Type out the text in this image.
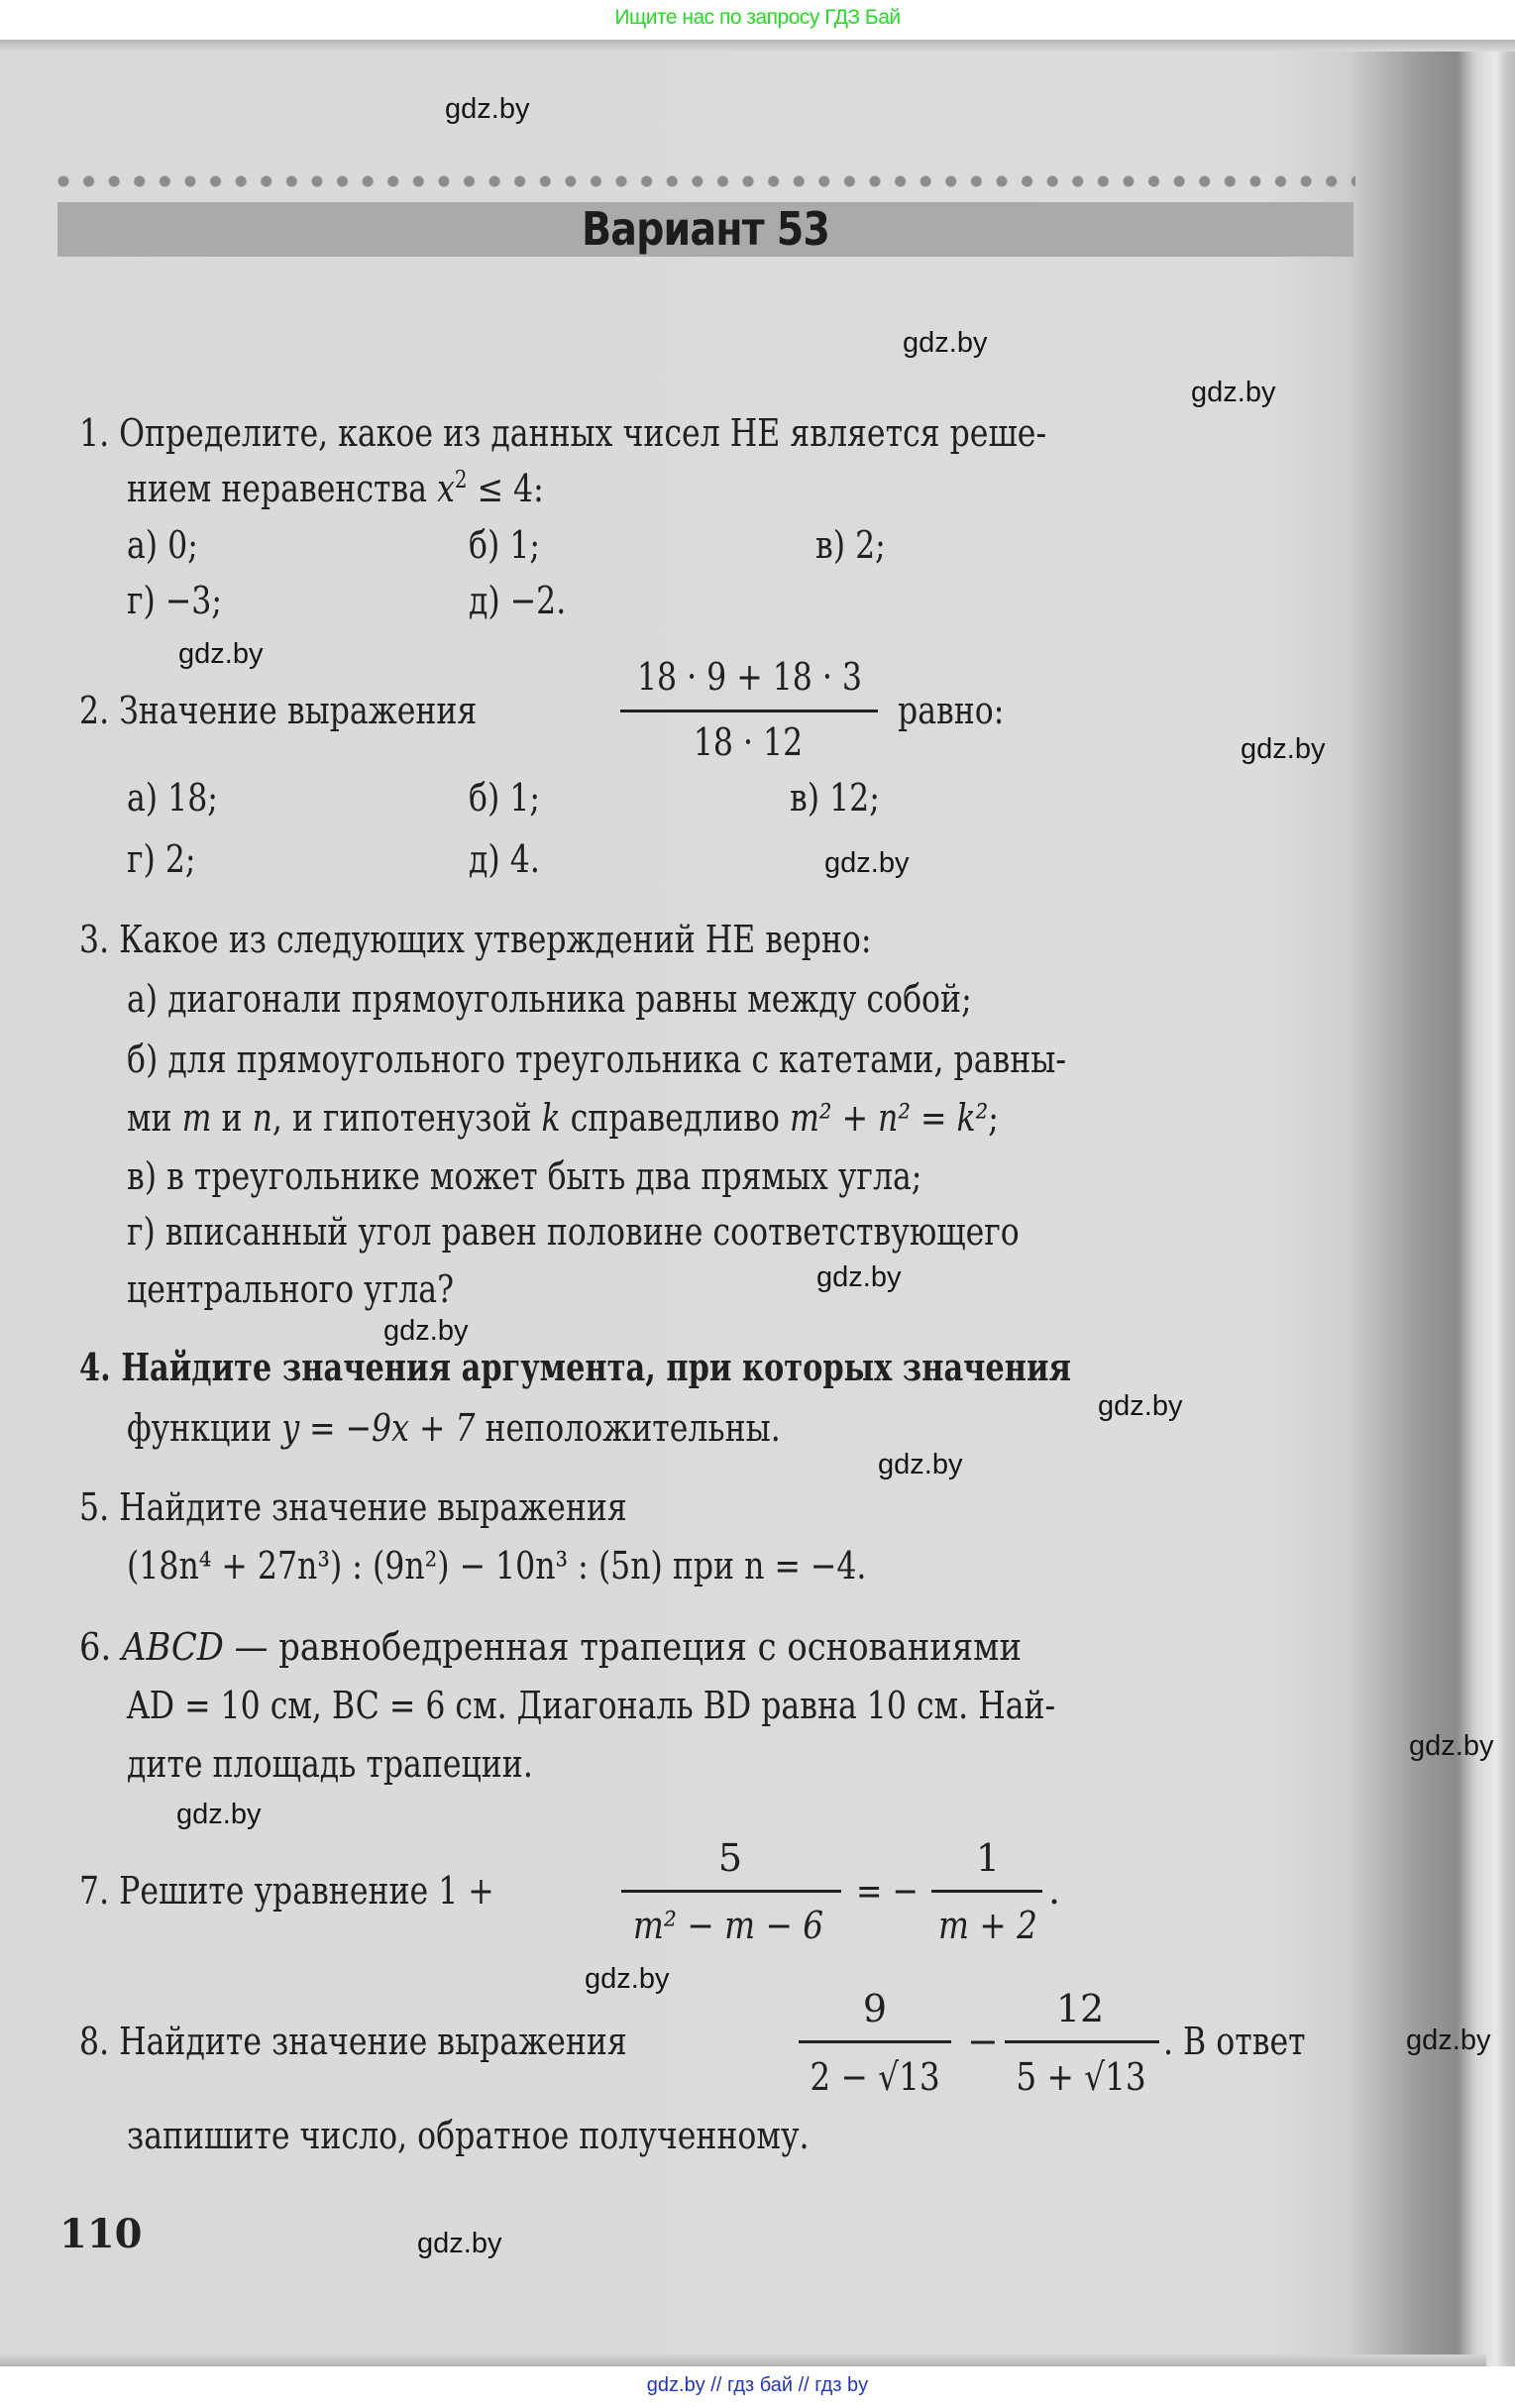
Ищите нас по запросу ГДЗ Бай
Вариант 53
1. Определите, какое из данных чисел НЕ является реше-
нием неравенства $x^2 \le 4$:
а) 0;	б) 1;	в) 2;
г) −3;	д) −2.
2. Значение выражения
18 · 9 + 18 · 3
18 · 12
равно:
а) 18;	б) 1;	в) 12;
г) 2;	д) 4.
3. Какое из следующих утверждений НЕ верно:
а) диагонали прямоугольника равны между собой;
б) для прямоугольного треугольника с катетами, равны-
ми m и n, и гипотенузой k справедливо m² + n² = k²;
в) в треугольнике может быть два прямых угла;
г) вписанный угол равен половине соответствующего
центрального угла?
4. Найдите значения аргумента, при которых значения
функции y = −9x + 7 неположительны.
5. Найдите значение выражения
(18n⁴ + 27n³) : (9n²) − 10n³ : (5n) при n = −4.
6. ABCD — равнобедренная трапеция с основаниями
AD = 10 см, BC = 6 см. Диагональ BD равна 10 см. Най-
дите площадь трапеции.
7. Решите уравнение 1 +
5
m² − m − 6
= −
1
m + 2
.
8. Найдите значение выражения
9
2 − √13
−
12
5 + √13
. В ответ
запишите число, обратное полученному.
110
gdz.by
gdz.by
gdz.by
gdz.by
gdz.by
gdz.by
gdz.by
gdz.by
gdz.by
gdz.by
gdz.by
gdz.by
gdz.by
gdz.by
gdz.by
gdz.by // гдз бай // гдз by
